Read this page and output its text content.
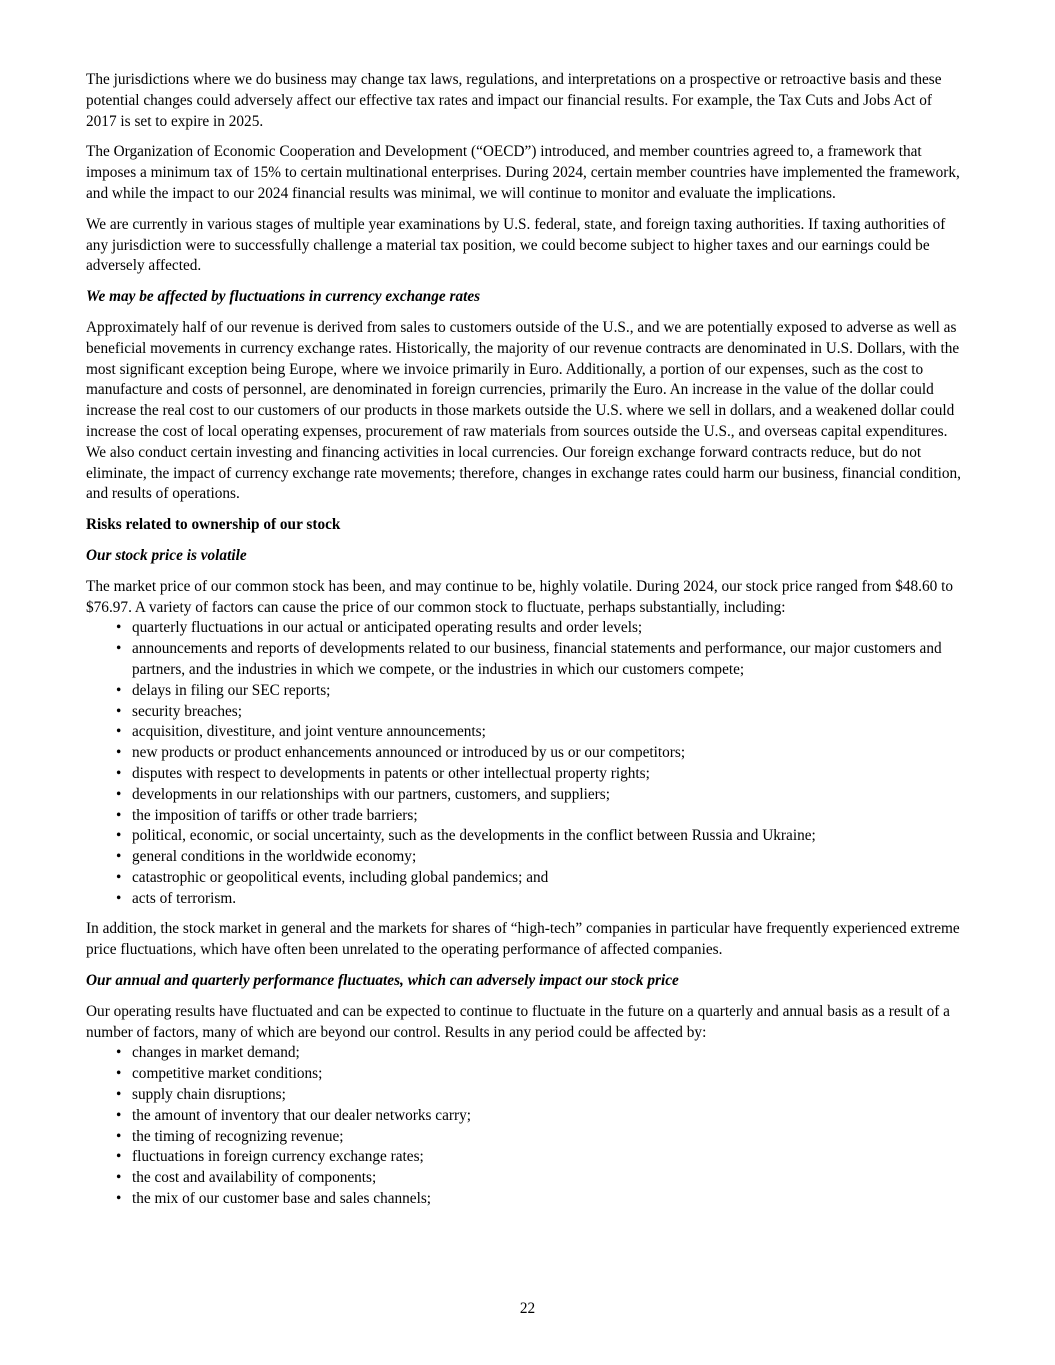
The jurisdictions where we do business may change tax laws, regulations, and interpretations on a prospective or retroactive basis and these potential changes could adversely affect our effective tax rates and impact our financial results. For example, the Tax Cuts and Jobs Act of 2017 is set to expire in 2025.

The Organization of Economic Cooperation and Development (“OECD”) introduced, and member countries agreed to, a framework that imposes a minimum tax of 15% to certain multinational enterprises. During 2024, certain member countries have implemented the framework, and while the impact to our 2024 financial results was minimal, we will continue to monitor and evaluate the implications.

We are currently in various stages of multiple year examinations by U.S. federal, state, and foreign taxing authorities. If taxing authorities of any jurisdiction were to successfully challenge a material tax position, we could become subject to higher taxes and our earnings could be adversely affected.

We may be affected by fluctuations in currency exchange rates

Approximately half of our revenue is derived from sales to customers outside of the U.S., and we are potentially exposed to adverse as well as beneficial movements in currency exchange rates. Historically, the majority of our revenue contracts are denominated in U.S. Dollars, with the most significant exception being Europe, where we invoice primarily in Euro. Additionally, a portion of our expenses, such as the cost to manufacture and costs of personnel, are denominated in foreign currencies, primarily the Euro. An increase in the value of the dollar could increase the real cost to our customers of our products in those markets outside the U.S. where we sell in dollars, and a weakened dollar could increase the cost of local operating expenses, procurement of raw materials from sources outside the U.S., and overseas capital expenditures. We also conduct certain investing and financing activities in local currencies. Our foreign exchange forward contracts reduce, but do not eliminate, the impact of currency exchange rate movements; therefore, changes in exchange rates could harm our business, financial condition, and results of operations.

Risks related to ownership of our stock
Our stock price is volatile

The market price of our common stock has been, and may continue to be, highly volatile. During 2024, our stock price ranged from $48.60 to $76.97. A variety of factors can cause the price of our common stock to fluctuate, perhaps substantially, including:

• quarterly fluctuations in our actual or anticipated operating results and order levels;
• announcements and reports of developments related to our business, financial statements and performance, our major customers and partners, and the industries in which we compete, or the industries in which our customers compete;
• delays in filing our SEC reports;
• security breaches;
• acquisition, divestiture, and joint venture announcements;
• new products or product enhancements announced or introduced by us or our competitors;
• disputes with respect to developments in patents or other intellectual property rights;
• developments in our relationships with our partners, customers, and suppliers;
• the imposition of tariffs or other trade barriers;
• political, economic, or social uncertainty, such as the developments in the conflict between Russia and Ukraine;
• general conditions in the worldwide economy;
• catastrophic or geopolitical events, including global pandemics; and
• acts of terrorism.

In addition, the stock market in general and the markets for shares of “high-tech” companies in particular have frequently experienced extreme price fluctuations, which have often been unrelated to the operating performance of affected companies.

Our annual and quarterly performance fluctuates, which can adversely impact our stock price

Our operating results have fluctuated and can be expected to continue to fluctuate in the future on a quarterly and annual basis as a result of a number of factors, many of which are beyond our control. Results in any period could be affected by:

• changes in market demand;
• competitive market conditions;
• supply chain disruptions;
• the amount of inventory that our dealer networks carry;
• the timing of recognizing revenue;
• fluctuations in foreign currency exchange rates;
• the cost and availability of components;
• the mix of our customer base and sales channels;
22
